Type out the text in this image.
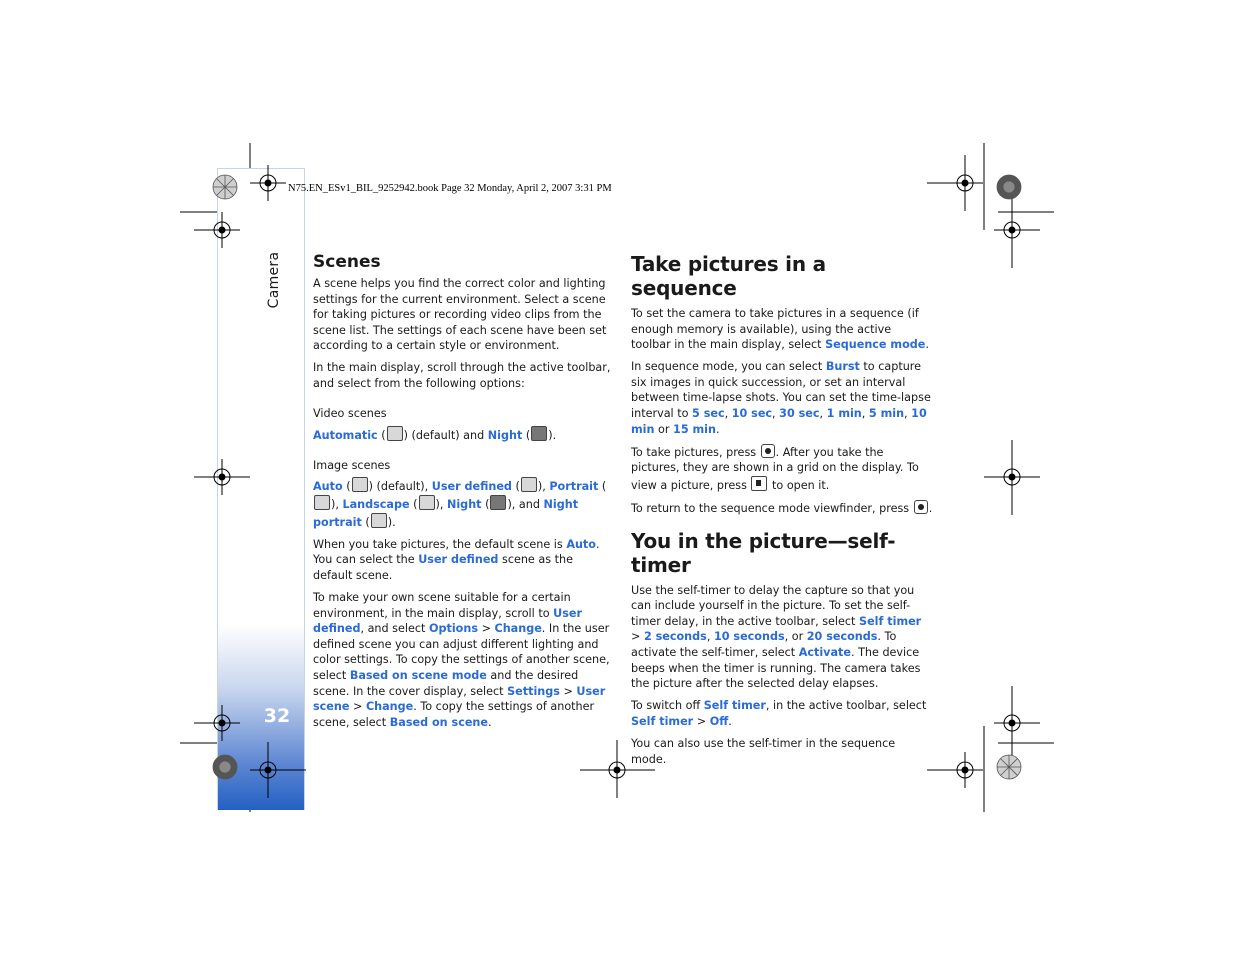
N75.EN_ESv1_BIL_9252942.book Page 32 Monday, April 2, 2007 3:31 PM
Camera
32
Scenes

A scene helps you find the correct color and lighting settings for the current environment. Select a scene for taking pictures or recording video clips from the scene list. The settings of each scene have been set according to a certain style or environment.

In the main display, scroll through the active toolbar, and select from the following options:

Video scenes

Automatic ( ) (default) and Night ( ).

Image scenes

Auto ( ) (default), User defined ( ), Portrait (), Landscape ( ), Night ( ), and Night portrait ( ).

When you take pictures, the default scene is Auto. You can select the User defined scene as the default scene.

To make your own scene suitable for a certain environment, in the main display, scroll to User defined, and select Options > Change. In the user defined scene you can adjust different lighting and color settings. To copy the settings of another scene, select Based on scene mode and the desired scene. In the cover display, select Settings > User scene > Change. To copy the settings of another scene, select Based on scene.

Take pictures in a sequence

To set the camera to take pictures in a sequence (if enough memory is available), using the active toolbar in the main display, select Sequence mode.

In sequence mode, you can select Burst to capture six images in quick succession, or set an interval between time-lapse shots. You can set the time-lapse interval to 5 sec, 10 sec, 30 sec, 1 min, 5 min, 10 min or 15 min.

To take pictures, press . After you take the pictures, they are shown in a grid on the display. To view a picture, press to open it.

To return to the sequence mode viewfinder, press .

You in the picture—self-timer

Use the self-timer to delay the capture so that you can include yourself in the picture. To set the self-timer delay, in the active toolbar, select Self timer > 2 seconds, 10 seconds, or 20 seconds. To activate the self-timer, select Activate. The device beeps when the timer is running. The camera takes the picture after the selected delay elapses.

To switch off Self timer, in the active toolbar, select Self timer > Off.

You can also use the self-timer in the sequence mode.
